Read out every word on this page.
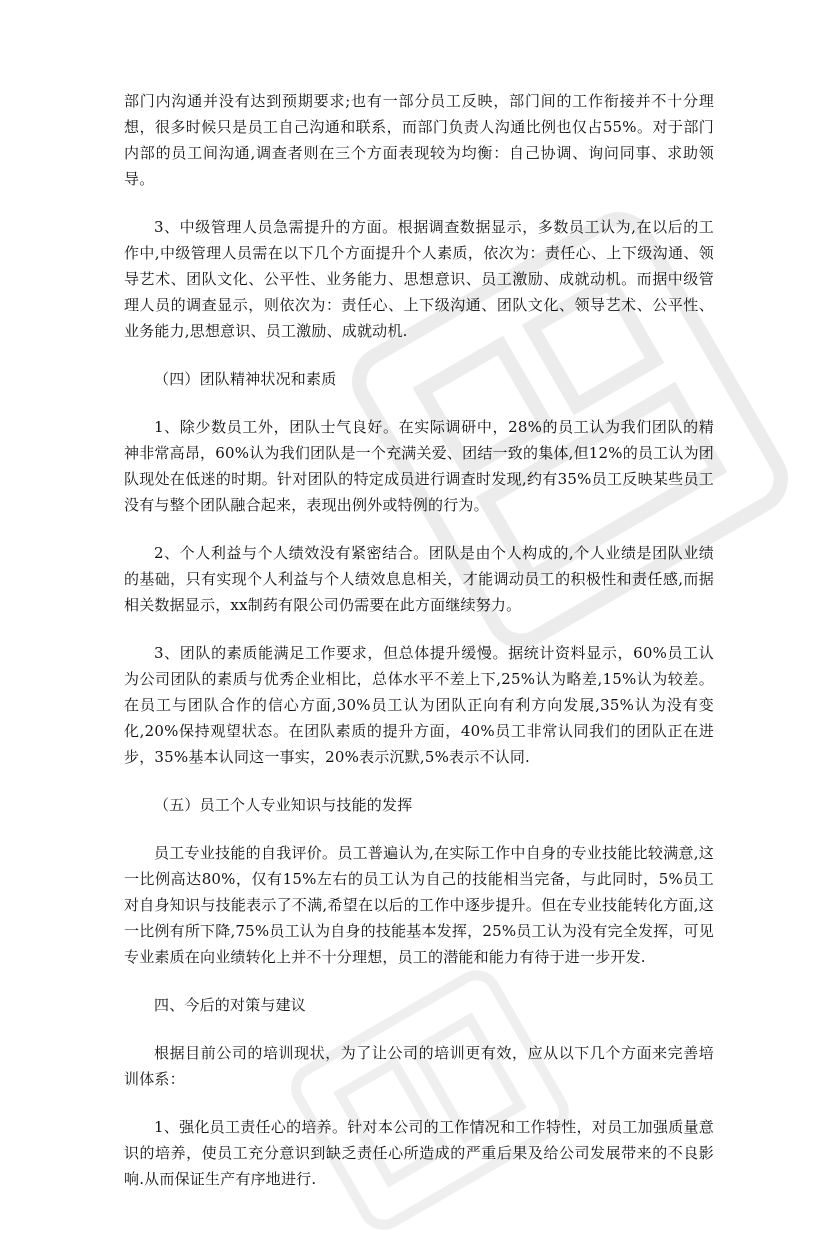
部门内沟通并没有达到预期要求;也有一部分员工反映，部门间的工作衔接并不十分理想，很多时候只是员工自己沟通和联系，而部门负责人沟通比例也仅占55%。对于部门内部的员工间沟通,调查者则在三个方面表现较为均衡：自己协调、询问同事、求助领导。

3、中级管理人员急需提升的方面。根据调查数据显示，多数员工认为,在以后的工作中,中级管理人员需在以下几个方面提升个人素质，依次为：责任心、上下级沟通、领导艺术、团队文化、公平性、业务能力、思想意识、员工激励、成就动机。而据中级管理人员的调查显示，则依次为：责任心、上下级沟通、团队文化、领导艺术、公平性、业务能力,思想意识、员工激励、成就动机.

（四）团队精神状况和素质

1、除少数员工外，团队士气良好。在实际调研中，28%的员工认为我们团队的精神非常高昂，60%认为我们团队是一个充满关爱、团结一致的集体,但12%的员工认为团队现处在低迷的时期。针对团队的特定成员进行调查时发现,约有35%员工反映某些员工没有与整个团队融合起来，表现出例外或特例的行为。

2、个人利益与个人绩效没有紧密结合。团队是由个人构成的,个人业绩是团队业绩的基础，只有实现个人利益与个人绩效息息相关，才能调动员工的积极性和责任感,而据相关数据显示，xx制药有限公司仍需要在此方面继续努力。

3、团队的素质能满足工作要求，但总体提升缓慢。据统计资料显示，60%员工认为公司团队的素质与优秀企业相比，总体水平不差上下,25%认为略差,15%认为较差。在员工与团队合作的信心方面,30%员工认为团队正向有利方向发展,35%认为没有变化,20%保持观望状态。在团队素质的提升方面，40%员工非常认同我们的团队正在进步，35%基本认同这一事实，20%表示沉默,5%表示不认同.

（五）员工个人专业知识与技能的发挥

员工专业技能的自我评价。员工普遍认为,在实际工作中自身的专业技能比较满意,这一比例高达80%，仅有15%左右的员工认为自己的技能相当完备，与此同时，5%员工对自身知识与技能表示了不满,希望在以后的工作中逐步提升。但在专业技能转化方面,这一比例有所下降,75%员工认为自身的技能基本发挥，25%员工认为没有完全发挥，可见专业素质在向业绩转化上并不十分理想，员工的潜能和能力有待于进一步开发.

四、今后的对策与建议

根据目前公司的培训现状，为了让公司的培训更有效，应从以下几个方面来完善培训体系：

1、强化员工责任心的培养。针对本公司的工作情况和工作特性，对员工加强质量意识的培养，使员工充分意识到缺乏责任心所造成的严重后果及给公司发展带来的不良影响.从而保证生产有序地进行.
